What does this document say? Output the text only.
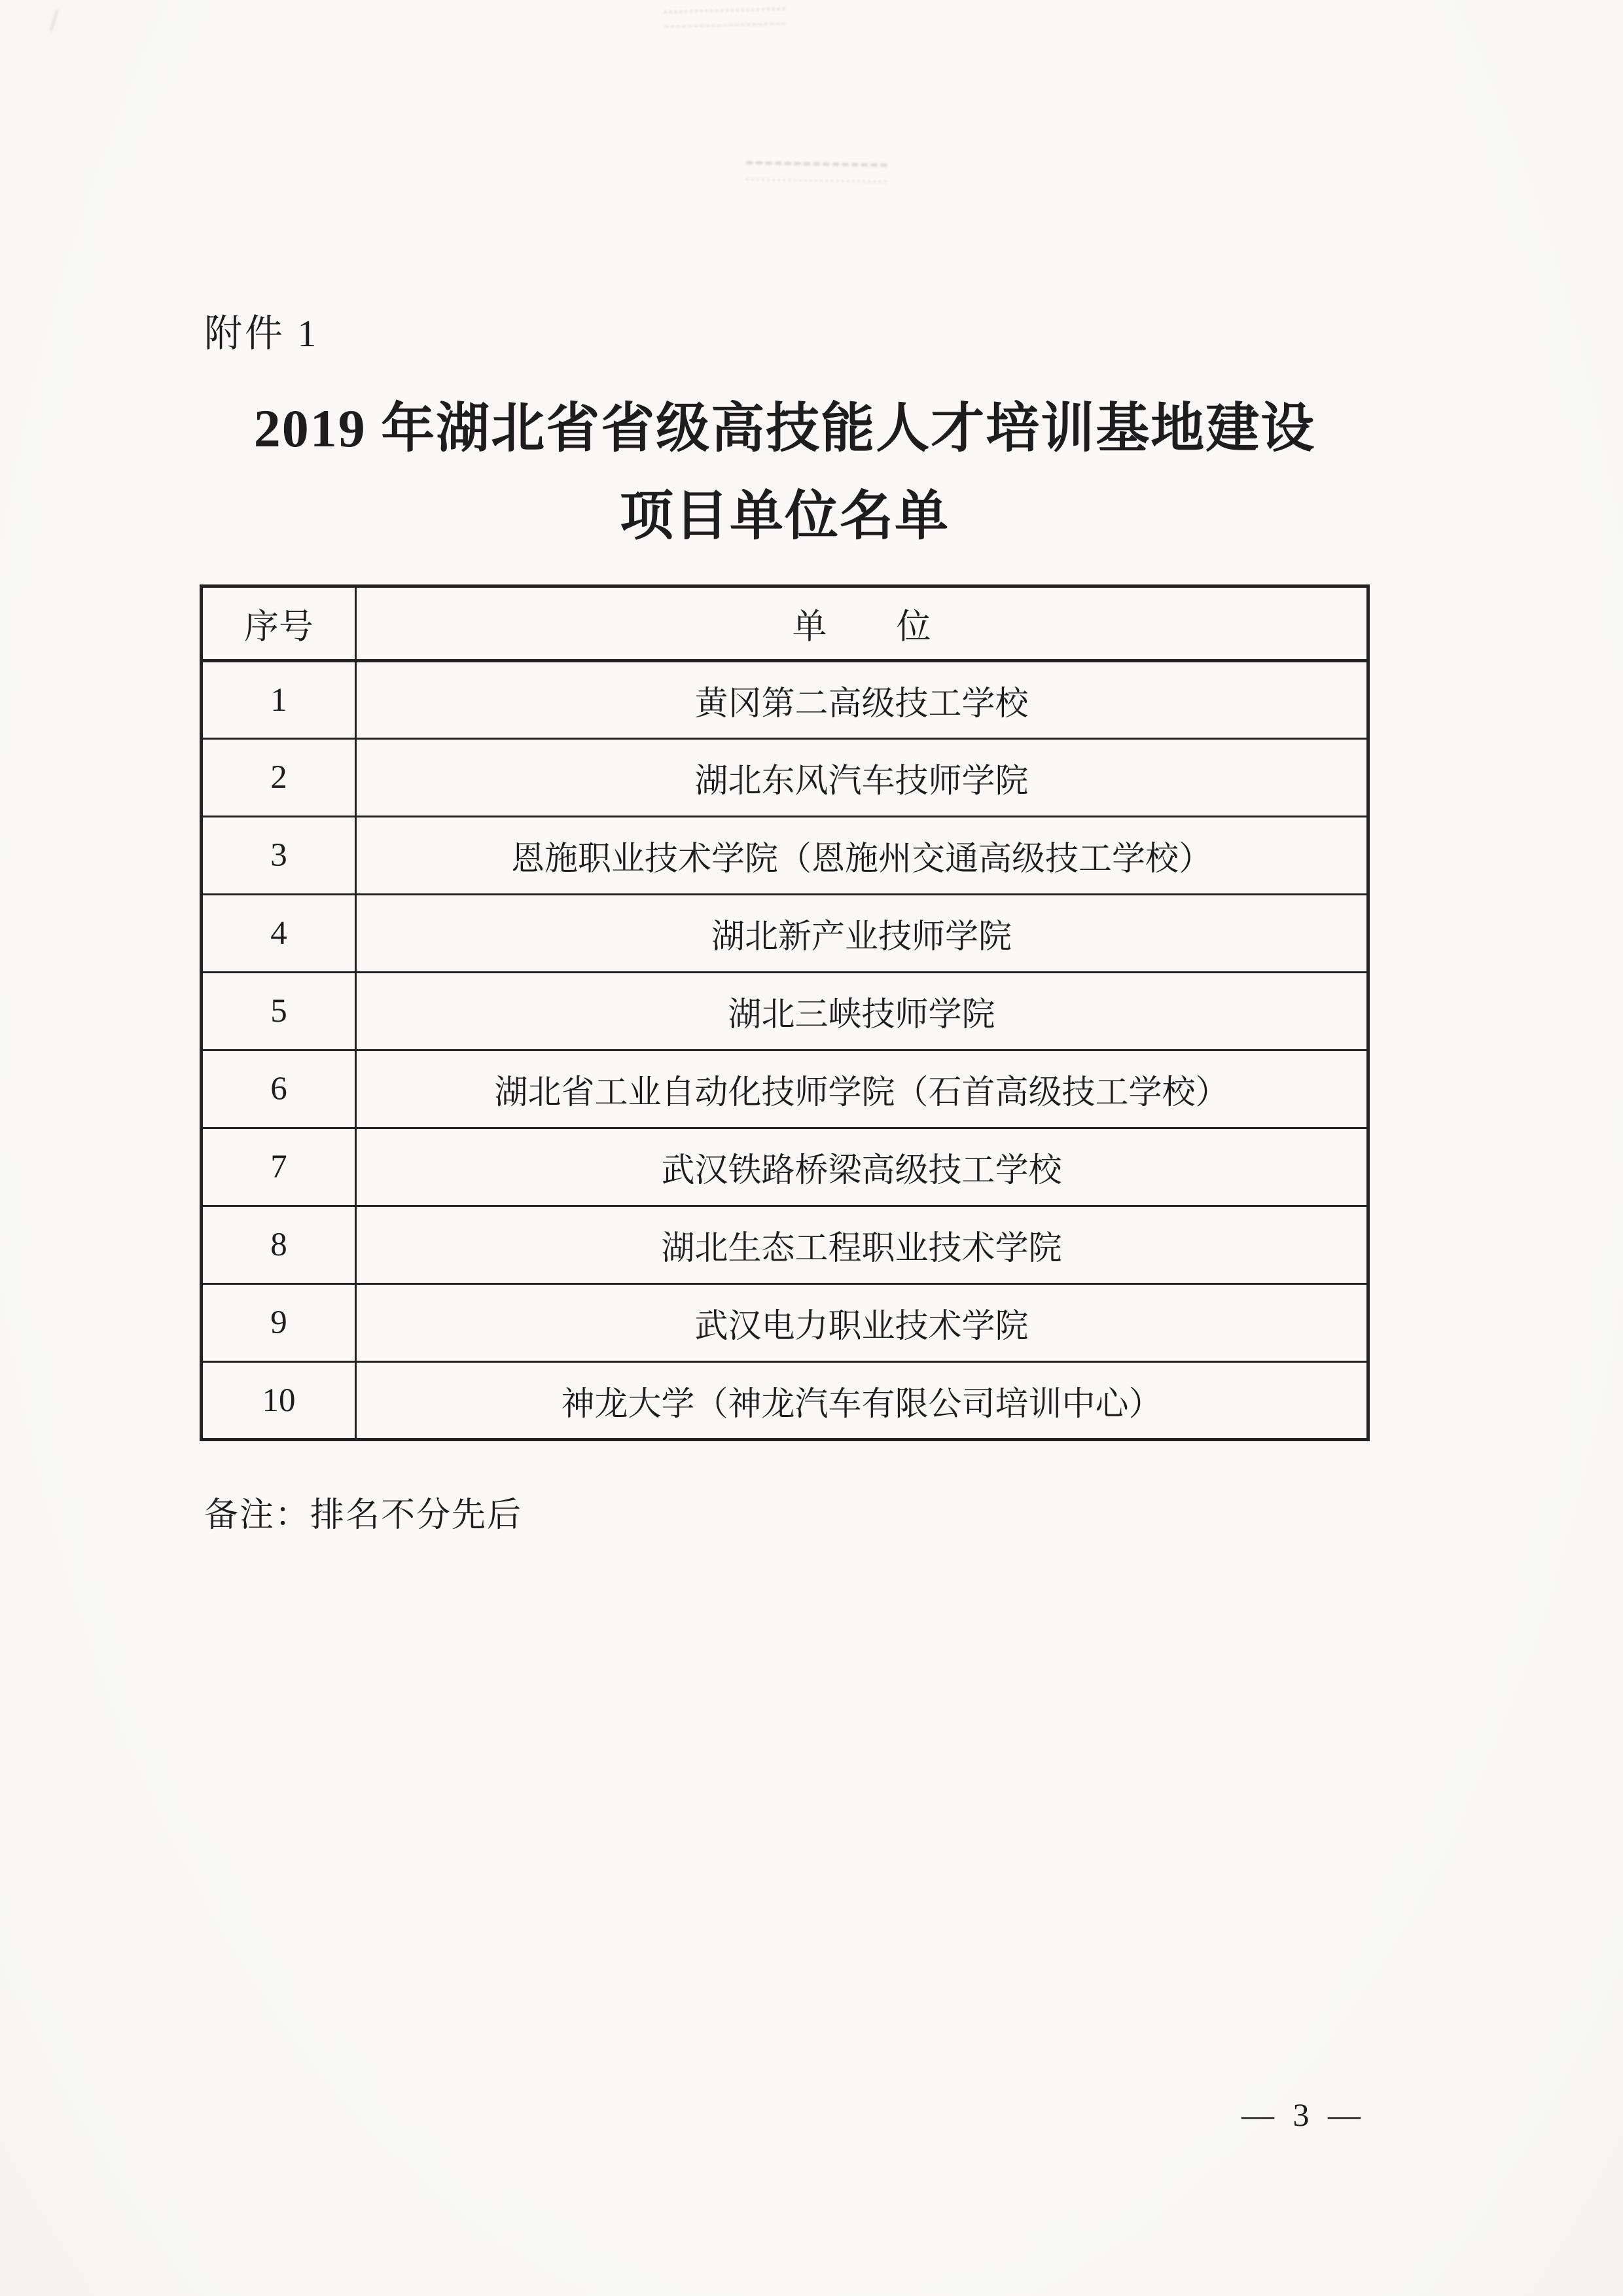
附件 1
2019 年湖北省省级高技能人才培训基地建设
项目单位名单
序号	单　　位
1	黄冈第二高级技工学校
2	湖北东风汽车技师学院
3	恩施职业技术学院（恩施州交通高级技工学校）
4	湖北新产业技师学院
5	湖北三峡技师学院
6	湖北省工业自动化技师学院（石首高级技工学校）
7	武汉铁路桥梁高级技工学校
8	湖北生态工程职业技术学院
9	武汉电力职业技术学院
10	神龙大学（神龙汽车有限公司培训中心）
备注：排名不分先后
— 3 —
